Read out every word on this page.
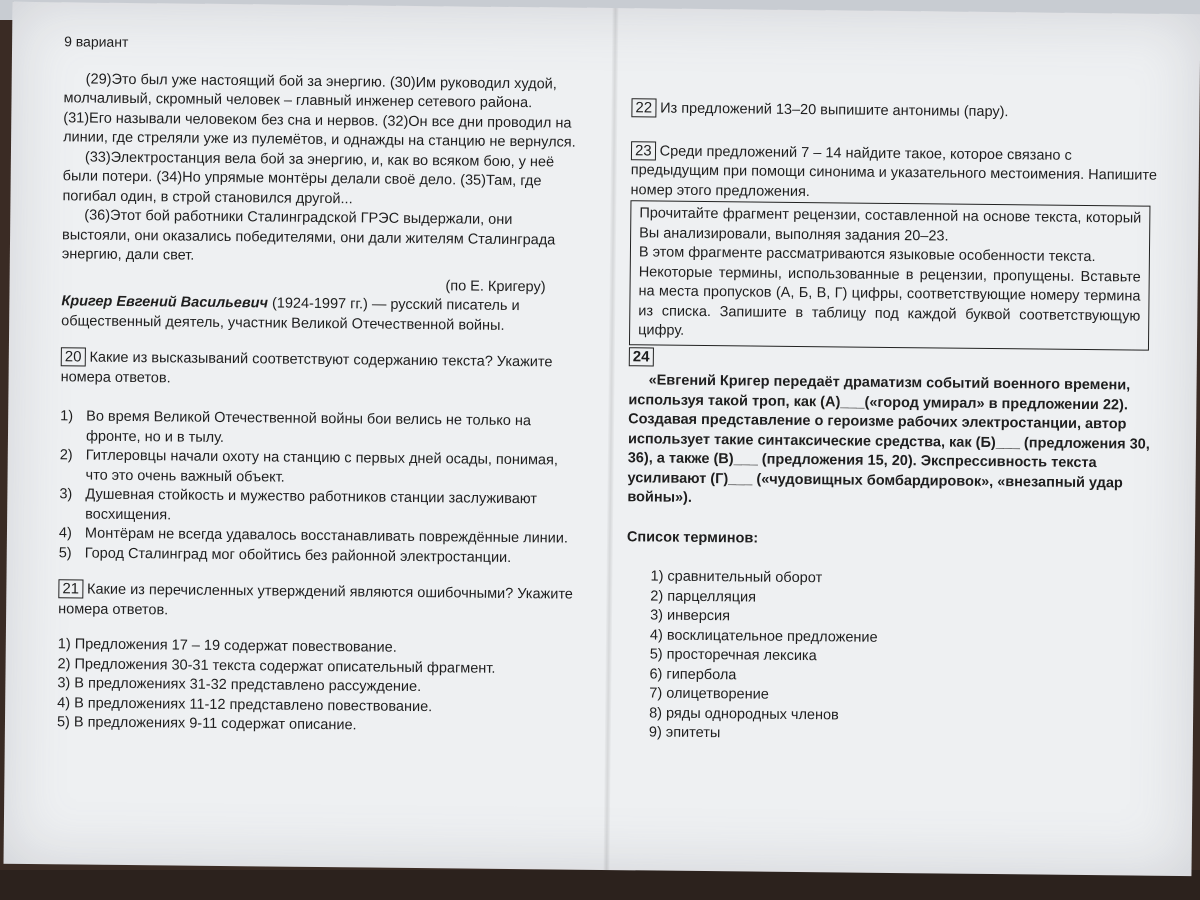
9 вариант

(29)Это был уже настоящий бой за энергию. (30)Им руководил худой, молчаливый, скромный человек – главный инженер сетевого района. (31)Его называли человеком без сна и нервов. (32)Он все дни проводил на линии, где стреляли уже из пулемётов, и однажды на станцию не вернулся.

(33)Электростанция вела бой за энергию, и, как во всяком бою, у неё были потери. (34)Но упрямые монтёры делали своё дело. (35)Там, где погибал один, в строй становился другой...

(36)Этот бой работники Сталинградской ГРЭС выдержали, они выстояли, они оказались победителями, они дали жителям Сталинграда энергию, дали свет.

(по Е. Кригеру)

Кригер Евгений Васильевич (1924-1997 гг.) — русский писатель и общественный деятель, участник Великой Отечественной войны.

20 Какие из высказываний соответствуют содержанию текста? Укажите номера ответов.

1) Во время Великой Отечественной войны бои велись не только на фронте, но и в тылу.
2) Гитлеровцы начали охоту на станцию с первых дней осады, понимая, что это очень важный объект.
3) Душевная стойкость и мужество работников станции заслуживают восхищения.
4) Монтёрам не всегда удавалось восстанавливать повреждённые линии.
5) Город Сталинград мог обойтись без районной электростанции.

21 Какие из перечисленных утверждений являются ошибочными? Укажите номера ответов.

1) Предложения 17 – 19 содержат повествование.
2) Предложения 30-31 текста содержат описательный фрагмент.
3) В предложениях 31-32 представлено рассуждение.
4) В предложениях 11-12 представлено повествование.
5) В предложениях 9-11 содержат описание.

22 Из предложений 13–20 выпишите антонимы (пару).

23 Среди предложений 7 – 14 найдите такое, которое связано с предыдущим при помощи синонима и указательного местоимения. Напишите номер этого предложения.

Прочитайте фрагмент рецензии, составленной на основе текста, который Вы анализировали, выполняя задания 20–23.

В этом фрагменте рассматриваются языковые особенности текста.

Некоторые термины, использованные в рецензии, пропущены. Вставьте на места пропусков (А, Б, В, Г) цифры, соответствующие номеру термина из списка. Запишите в таблицу под каждой буквой соответствующую цифру.

24

«Евгений Кригер передаёт драматизм событий военного времени, используя такой троп, как (А)___(«город умирал» в предложении 22). Создавая представление о героизме рабочих электростанции, автор использует такие синтаксические средства, как (Б)___ (предложения 30, 36), а также (В)___ (предложения 15, 20). Экспрессивность текста усиливают (Г)___ («чудовищных бомбардировок», «внезапный удар войны»).

Список терминов:

1) сравнительный оборот
2) парцелляция
3) инверсия
4) восклицательное предложение
5) просторечная лексика
6) гипербола
7) олицетворение
8) ряды однородных членов
9) эпитеты
